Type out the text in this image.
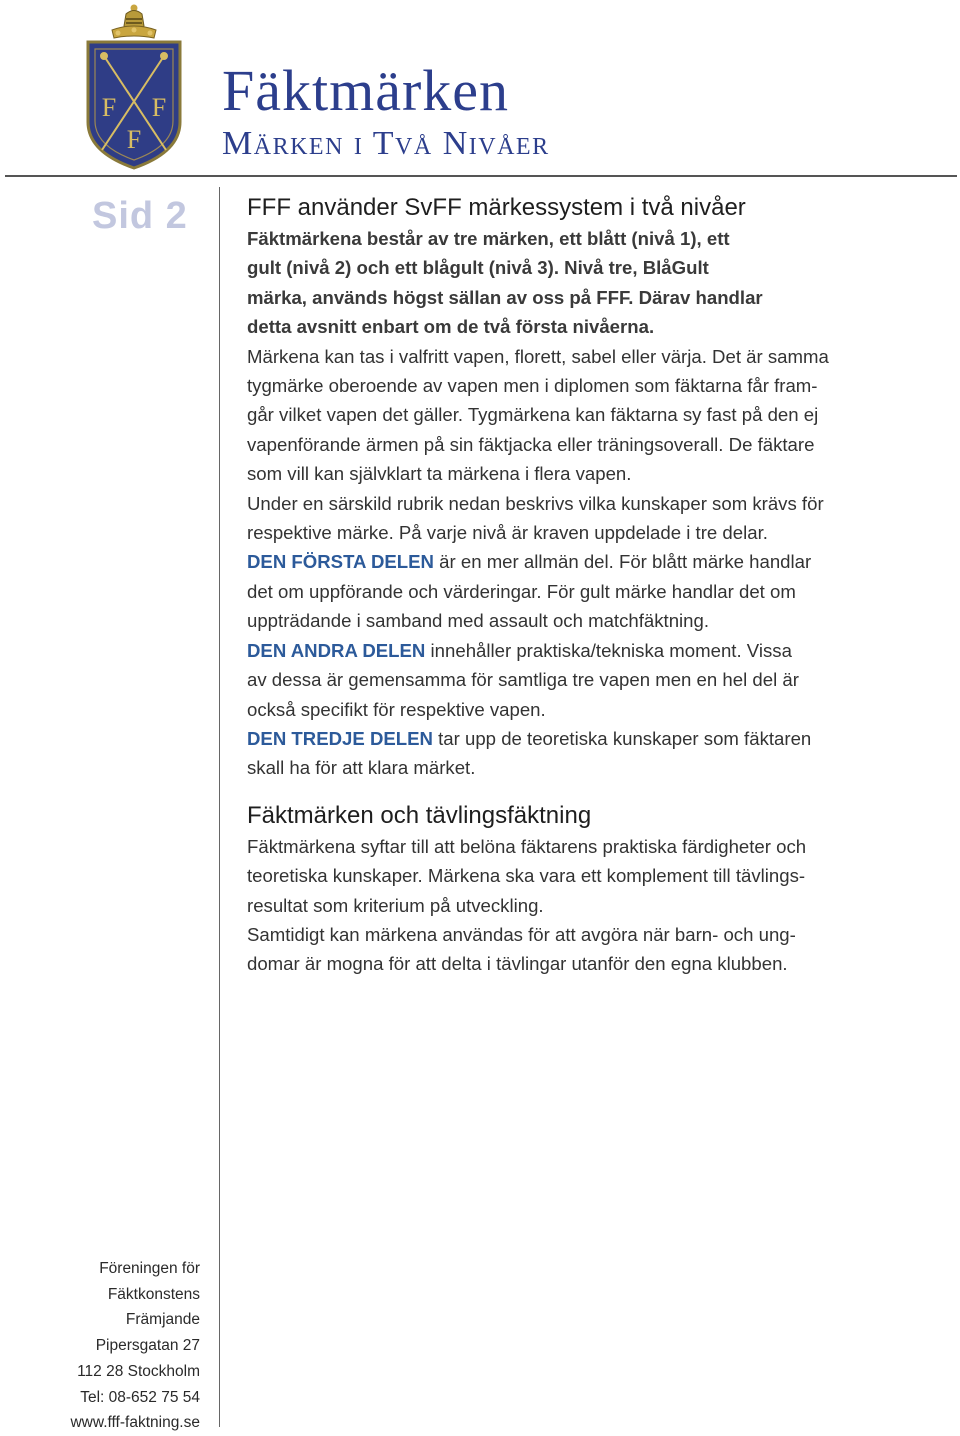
F F
F
Fäktmärken
Märken i Två Nivåer
Sid 2 FFF använder SvFF märkessystem i två nivåer

Fäktmärkena består av tre märken, ett blått (nivå 1), ett

gult (nivå 2) och ett blågult (nivå 3). Nivå tre, BlåGult

märka, används högst sällan av oss på FFF. Därav handlar

detta avsnitt enbart om de två första nivåerna.

Märkena kan tas i valfritt vapen, florett, sabel eller värja. Det är samma

tygmärke oberoende av vapen men i diplomen som fäktarna får fram-

går vilket vapen det gäller. Tygmärkena kan fäktarna sy fast på den ej

vapenförande ärmen på sin fäktjacka eller träningsoverall. De fäktare

som vill kan självklart ta märkena i flera vapen.

Under en särskild rubrik nedan beskrivs vilka kunskaper som krävs för

respektive märke. På varje nivå är kraven uppdelade i tre delar.

DEN FÖRSTA DELEN är en mer allmän del. För blått märke handlar

det om uppförande och värderingar. För gult märke handlar det om

uppträdande i samband med assault och matchfäktning.

DEN ANDRA DELEN innehåller praktiska/tekniska moment. Vissa

av dessa är gemensamma för samtliga tre vapen men en hel del är

också specifikt för respektive vapen.

DEN TREDJE DELEN tar upp de teoretiska kunskaper som fäktaren

skall ha för att klara märket.

Fäktmärken och tävlingsfäktning

Fäktmärkena syftar till att belöna fäktarens praktiska färdigheter och

teoretiska kunskaper. Märkena ska vara ett komplement till tävlings-

resultat som kriterium på utveckling.

Samtidigt kan märkena användas för att avgöra när barn- och ung-

domar är mogna för att delta i tävlingar utanför den egna klubben.

Föreningen för
Fäktkonstens
Främjande
Pipersgatan 27
112 28 Stockholm
Tel: 08-652 75 54
www.fff-faktning.se
